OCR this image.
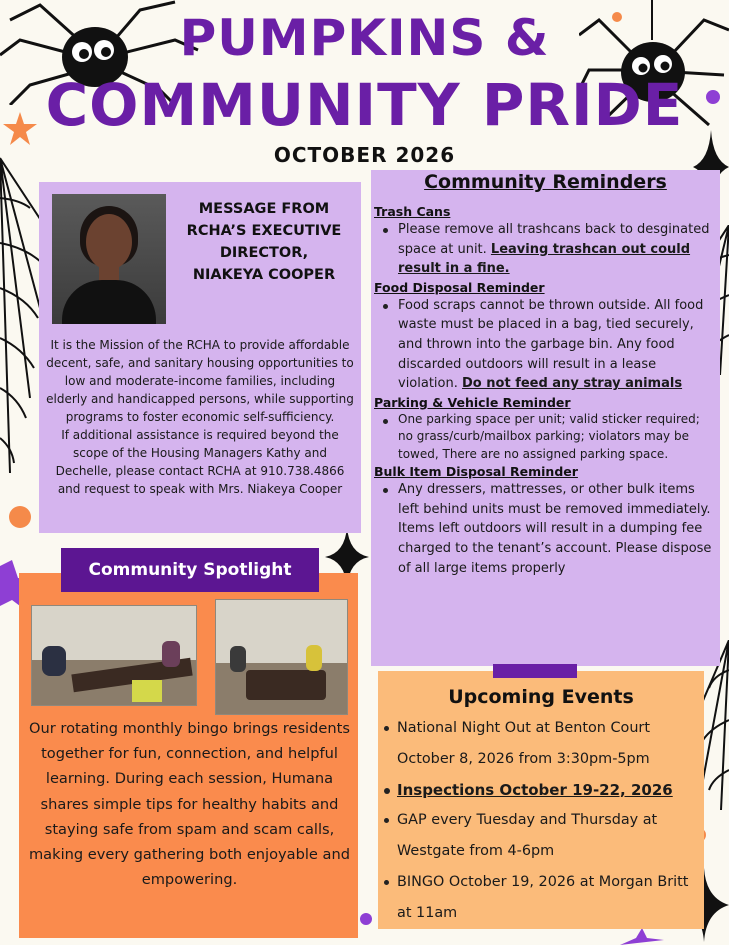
PUMPKINS &
COMMUNITY PRIDE
OCTOBER 2026
MESSAGE FROM
RCHA’S EXECUTIVE
DIRECTOR,
NIAKEYA COOPER

It is the Mission of the RCHA to provide affordable decent, safe, and sanitary housing opportunities to low and moderate-income families, including elderly and handicapped persons, while supporting programs to foster economic self-sufficiency.

If additional assistance is required beyond the scope of the Housing Managers Kathy and Dechelle, please contact RCHA at 910.738.4866 and request to speak with Mrs. Niakeya Cooper

Community Reminders
Trash Cans
Please remove all trashcans back to desginated space at unit. Leaving trashcan out could result in a fine.
Food Disposal Reminder
Food scraps cannot be thrown outside. All food waste must be placed in a bag, tied securely, and thrown into the garbage bin. Any food discarded outdoors will result in a lease violation. Do not feed any stray animals
Parking & Vehicle Reminder
One parking space per unit; valid sticker required; no grass/curb/mailbox parking; violators may be towed, There are no assigned parking space.
Bulk Item Disposal Reminder
Any dressers, mattresses, or other bulk items left behind units must be removed immediately. Items left outdoors will result in a dumping fee charged to the tenant’s account. Please dispose of all large items properly
Community Spotlight
Our rotating monthly bingo brings residents together for fun, connection, and helpful learning. During each session, Humana shares simple tips for healthy habits and staying safe from spam and scam calls, making every gathering both enjoyable and empowering.
Upcoming Events
National Night Out at Benton Court October 8, 2026 from 3:30pm-5pm
Inspections October 19-22, 2026
GAP every Tuesday and Thursday at Westgate from 4-6pm
BINGO October 19, 2026 at Morgan Britt at 11am
